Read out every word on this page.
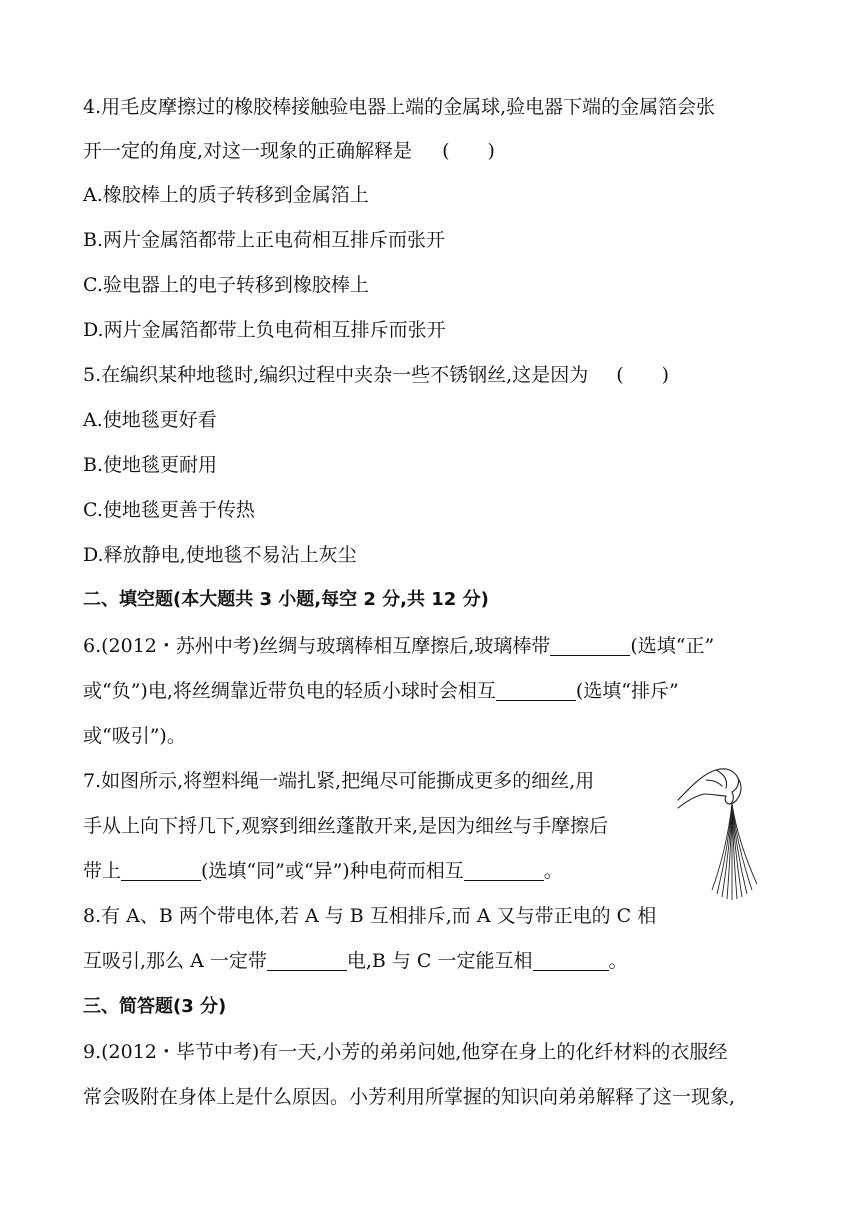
4.用毛皮摩擦过的橡胶棒接触验电器上端的金属球,验电器下端的金属箔会张
开一定的角度,对这一现象的正确解释是 (　　)
A.橡胶棒上的质子转移到金属箔上
B.两片金属箔都带上正电荷相互排斥而张开
C.验电器上的电子转移到橡胶棒上
D.两片金属箔都带上负电荷相互排斥而张开
5.在编织某种地毯时,编织过程中夹杂一些不锈钢丝,这是因为 (　　)
A.使地毯更好看
B.使地毯更耐用
C.使地毯更善于传热
D.释放静电,使地毯不易沾上灰尘
二、填空题(本大题共 3 小题,每空 2 分,共 12 分)
6.(2012・苏州中考)丝绸与玻璃棒相互摩擦后,玻璃棒带	(选填“正”
或“负”)电,将丝绸靠近带负电的轻质小球时会相互	(选填“排斥”
或“吸引”)。
7.如图所示,将塑料绳一端扎紧,把绳尽可能撕成更多的细丝,用
手从上向下捋几下,观察到细丝蓬散开来,是因为细丝与手摩擦后
带上	(选填“同”或“异”)种电荷而相互	。
8.有 A、B 两个带电体,若 A 与 B 互相排斥,而 A 又与带正电的 C 相
互吸引,那么 A 一定带	电,B 与 C 一定能互相	。
三、简答题(3 分)
9.(2012・毕节中考)有一天,小芳的弟弟问她,他穿在身上的化纤材料的衣服经
常会吸附在身体上是什么原因。小芳利用所掌握的知识向弟弟解释了这一现象,
